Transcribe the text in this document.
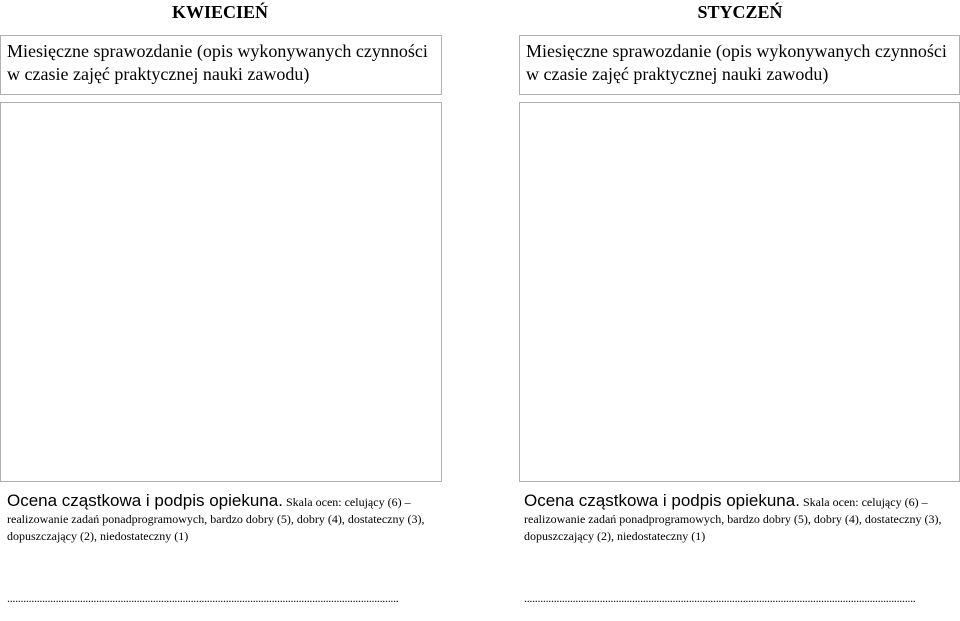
KWIECIEŃ
Miesięczne sprawozdanie (opis wykonywanych czynności w czasie zajęć praktycznej nauki zawodu)
Ocena cząstkowa i podpis opiekuna. Skala ocen: celujący (6) – realizowanie zadań ponadprogramowych, bardzo dobry (5), dobry (4), dostateczny (3), dopuszczający (2), niedostateczny (1)
.................................................................................................................................................
STYCZEŃ
Miesięczne sprawozdanie (opis wykonywanych czynności w czasie zajęć praktycznej nauki zawodu)
Ocena cząstkowa i podpis opiekuna. Skala ocen: celujący (6) – realizowanie zadań ponadprogramowych, bardzo dobry (5), dobry (4), dostateczny (3), dopuszczający (2), niedostateczny (1)
.................................................................................................................................................
